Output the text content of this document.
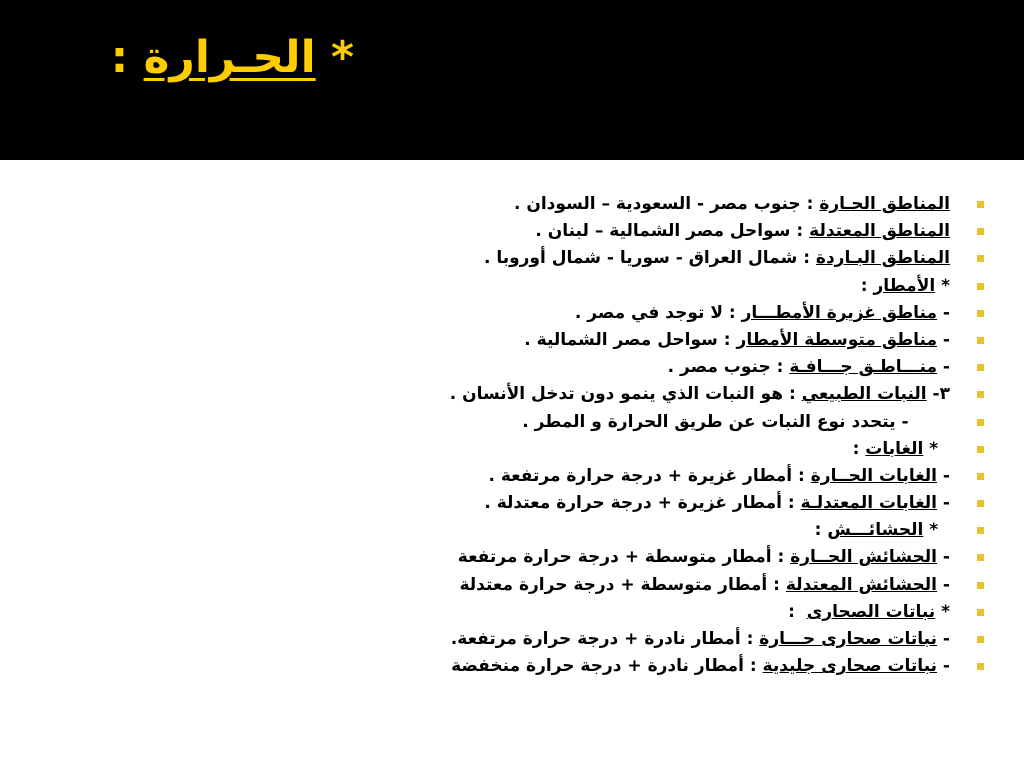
* الحـرارة :
المناطق الحـارة : جنوب مصر - السعودية – السودان .
المناطق المعتدلة : سواحل مصر الشمالية – لبنان .
المناطق البـاردة : شمال العراق - سوريا - شمال أوروبا .
* الأمطار :
- مناطق غزيرة الأمطـــار : لا توجد في مصر .
- مناطق متوسطة الأمطار : سواحل مصر الشمالية .
- منـــاطـق جـــافـة : جنوب مصر .
٣- النبات الطبيعي : هو النبات الذي ينمو دون تدخل الأنسان .
- يتحدد نوع النبات عن طريق الحرارة و المطر .
* الغابات :
- الغابات الحــارة : أمطار غزيرة + درجة حرارة مرتفعة .
- الغابات المعتدلـة : أمطار غزيرة + درجة حرارة معتدلة .
* الحشائـــش :
- الحشائش الحــارة : أمطار متوسطة + درجة حرارة مرتفعة
- الحشائش المعتدلة : أمطار متوسطة + درجة حرارة معتدلة
* نباتات الصحارى  :
- نباتات صحارى حـــارة : أمطار نادرة + درجة حرارة مرتفعة.
- نباتات صحارى جليدية : أمطار نادرة + درجة حرارة منخفضة
